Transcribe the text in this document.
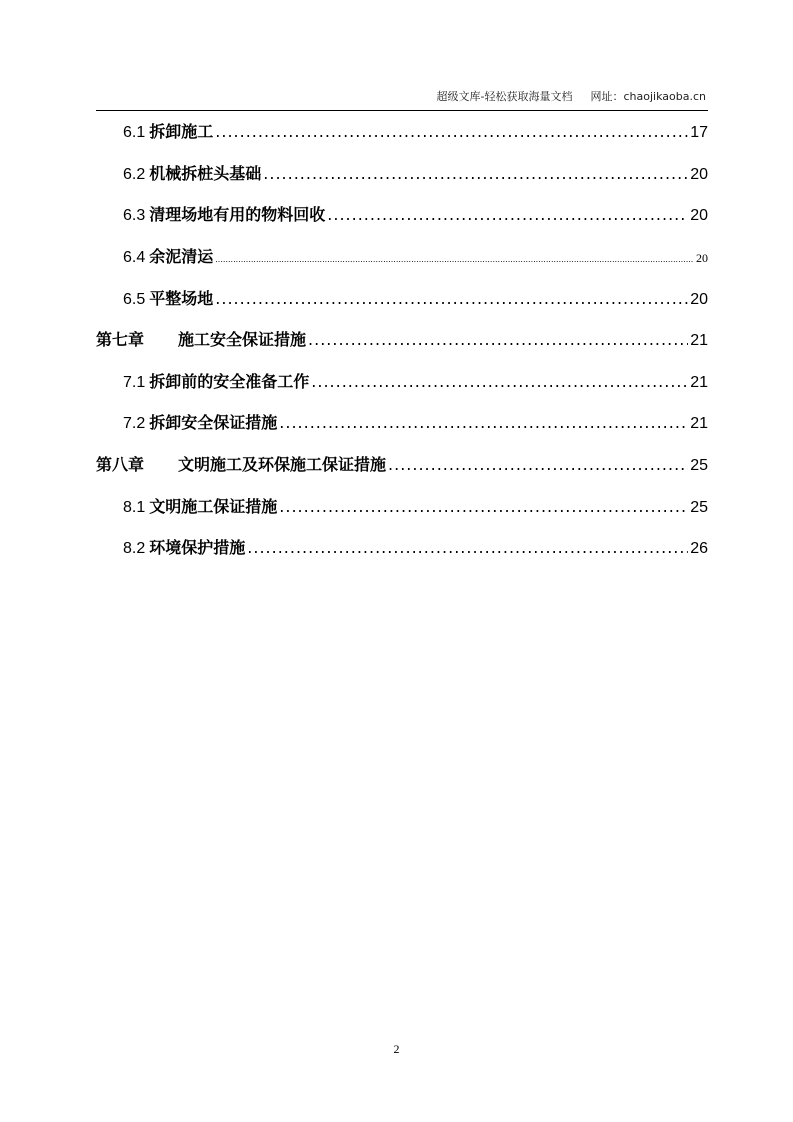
超级文库-轻松获取海量文档 网址：chaojikaoba.cn
6.1 拆卸施工 .....	17
6.2 机械拆桩头基础 .....	20
6.3 清理场地有用的物料回收 .....	20
6.4 余泥清运 .....	20
6.5 平整场地 .....	20
第七章 施工安全保证措施 .....	21
7.1 拆卸前的安全准备工作 .....	21
7.2 拆卸安全保证措施 .....	21
第八章 文明施工及环保施工保证措施 .....	25
8.1 文明施工保证措施 .....	25
8.2 环境保护措施 .....	26
2
